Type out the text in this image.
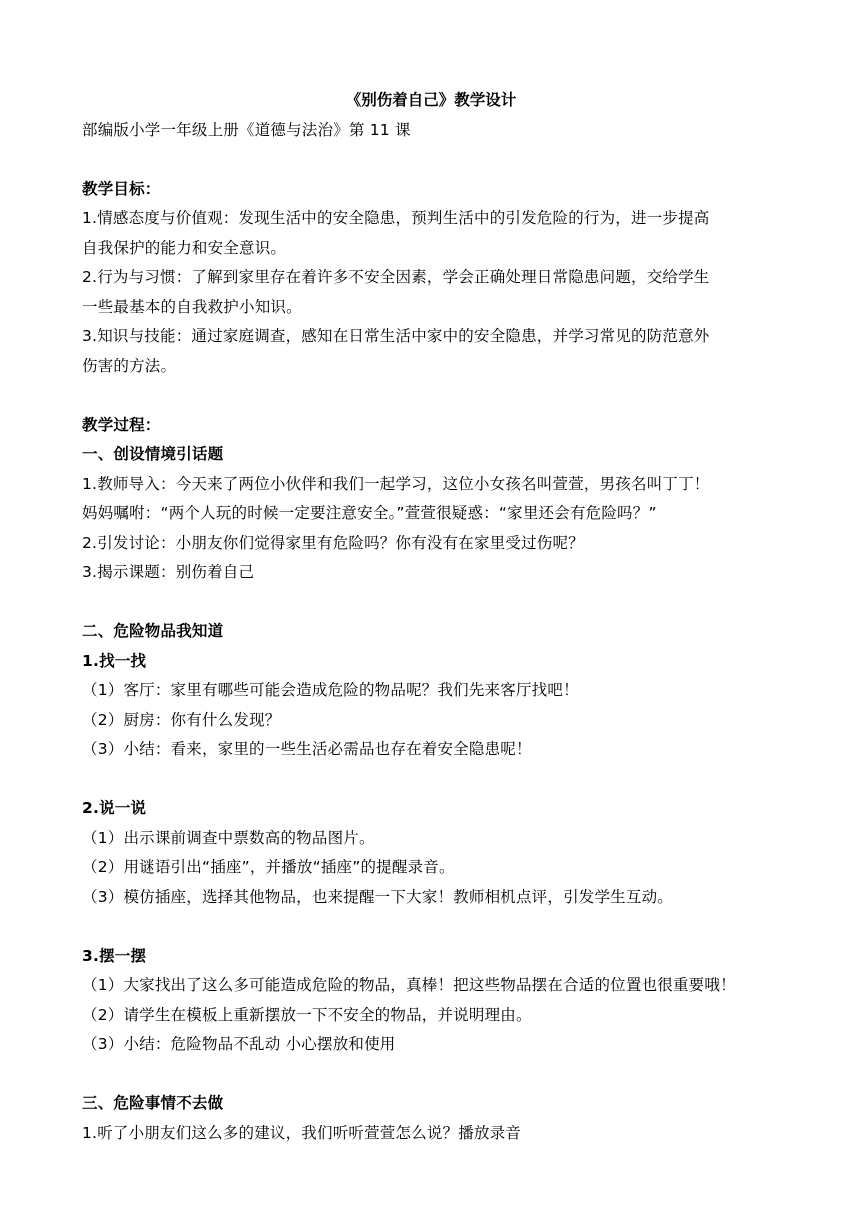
《别伤着自己》教学设计
部编版小学一年级上册《道德与法治》第 11 课
教学目标：
1.情感态度与价值观：发现生活中的安全隐患，预判生活中的引发危险的行为，进一步提高
自我保护的能力和安全意识。
2.行为与习惯：了解到家里存在着许多不安全因素，学会正确处理日常隐患问题，交给学生
一些最基本的自我救护小知识。
3.知识与技能：通过家庭调查，感知在日常生活中家中的安全隐患，并学习常见的防范意外
伤害的方法。
教学过程：
一、创设情境引话题
1.教师导入：今天来了两位小伙伴和我们一起学习，这位小女孩名叫萱萱，男孩名叫丁丁！
妈妈嘱咐：“两个人玩的时候一定要注意安全。”萱萱很疑惑：“家里还会有危险吗？”
2.引发讨论：小朋友你们觉得家里有危险吗？你有没有在家里受过伤呢？
3.揭示课题：别伤着自己
二、危险物品我知道
1.找一找
（1）客厅：家里有哪些可能会造成危险的物品呢？我们先来客厅找吧！
（2）厨房：你有什么发现？
（3）小结：看来，家里的一些生活必需品也存在着安全隐患呢！
2.说一说
（1）出示课前调查中票数高的物品图片。
（2）用谜语引出“插座”，并播放“插座”的提醒录音。
（3）模仿插座，选择其他物品，也来提醒一下大家！教师相机点评，引发学生互动。
3.摆一摆
（1）大家找出了这么多可能造成危险的物品，真棒！把这些物品摆在合适的位置也很重要哦！
（2）请学生在模板上重新摆放一下不安全的物品，并说明理由。
（3）小结：危险物品不乱动 小心摆放和使用
三、危险事情不去做
1.听了小朋友们这么多的建议，我们听听萱萱怎么说？播放录音
